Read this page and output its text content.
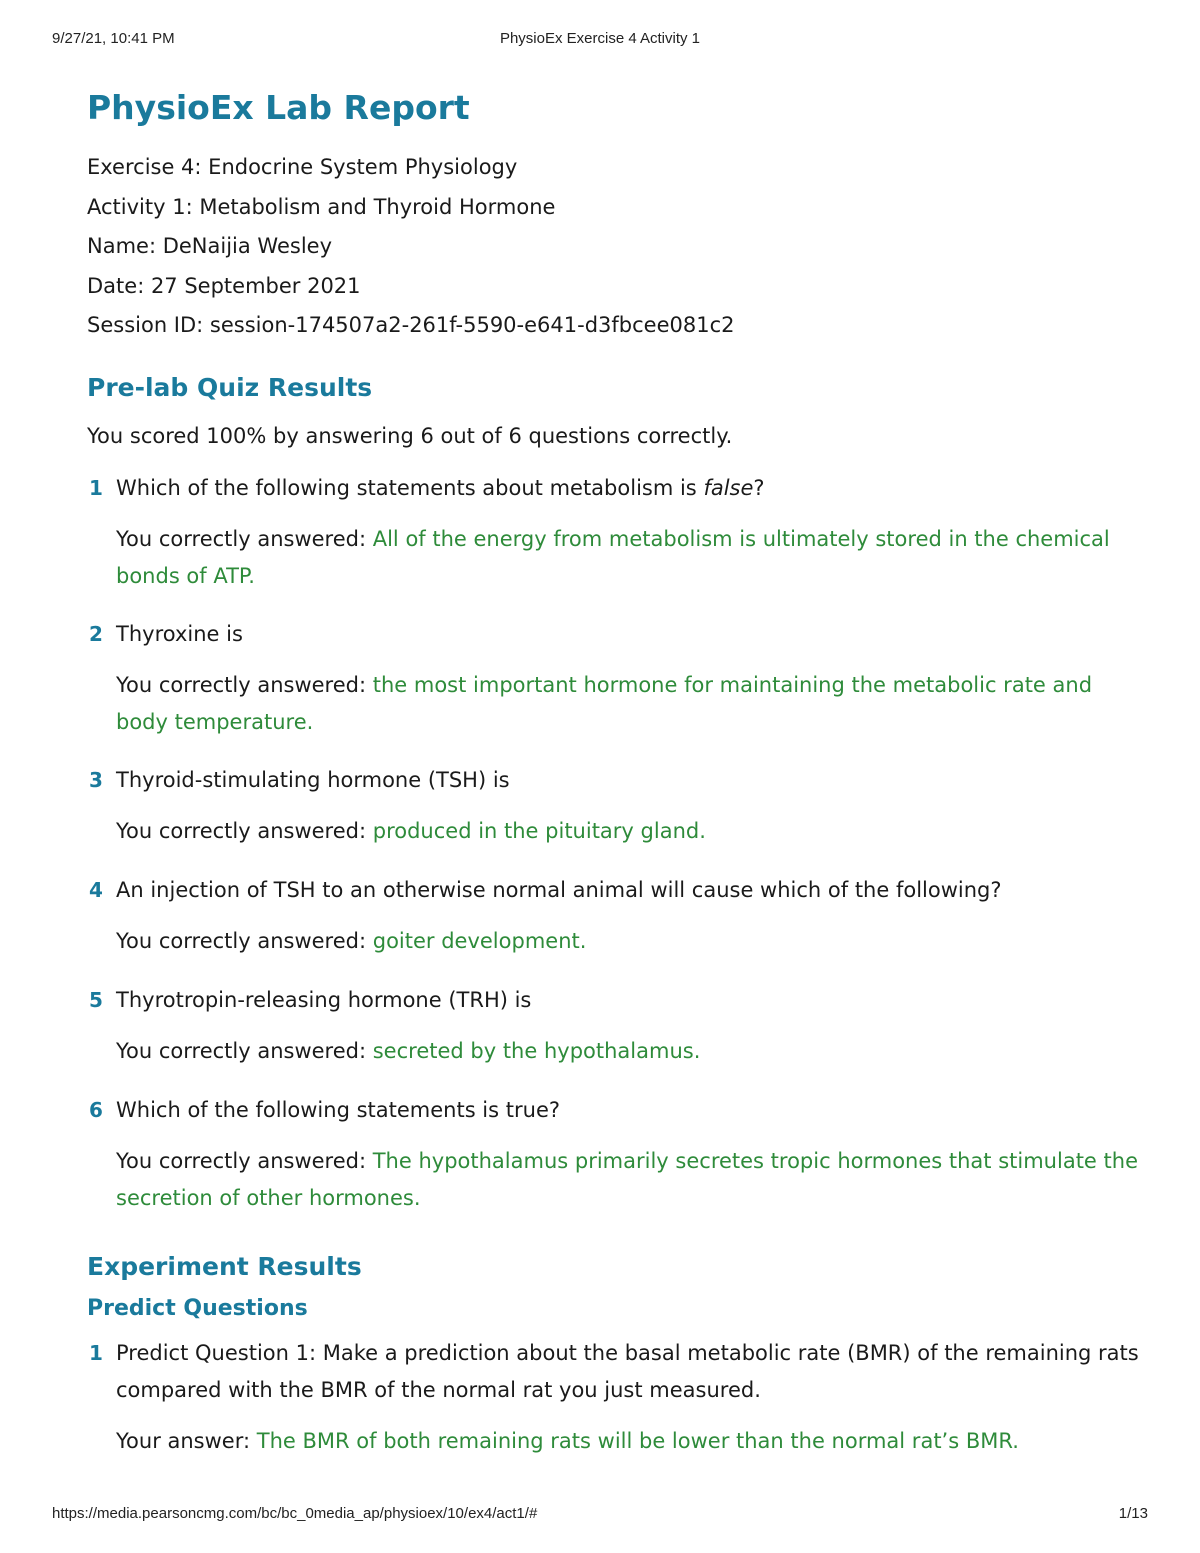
9/27/21, 10:41 PM	PhysioEx Exercise 4 Activity 1
PhysioEx Lab Report
Exercise 4: Endocrine System Physiology
Activity 1: Metabolism and Thyroid Hormone
Name: DeNaijia Wesley
Date: 27 September 2021
Session ID: session-174507a2-261f-5590-e641-d3fbcee081c2
Pre-lab Quiz Results
You scored 100% by answering 6 out of 6 questions correctly.
1 Which of the following statements about metabolism is false?
You correctly answered: All of the energy from metabolism is ultimately stored in the chemical bonds of ATP.
2 Thyroxine is
You correctly answered: the most important hormone for maintaining the metabolic rate and body temperature.
3 Thyroid-stimulating hormone (TSH) is
You correctly answered: produced in the pituitary gland.
4 An injection of TSH to an otherwise normal animal will cause which of the following?
You correctly answered: goiter development.
5 Thyrotropin-releasing hormone (TRH) is
You correctly answered: secreted by the hypothalamus.
6 Which of the following statements is true?
You correctly answered: The hypothalamus primarily secretes tropic hormones that stimulate the secretion of other hormones.
Experiment Results
Predict Questions
1 Predict Question 1: Make a prediction about the basal metabolic rate (BMR) of the remaining rats compared with the BMR of the normal rat you just measured.
Your answer: The BMR of both remaining rats will be lower than the normal rat’s BMR.
https://media.pearsoncmg.com/bc/bc_0media_ap/physioex/10/ex4/act1/#	1/13
